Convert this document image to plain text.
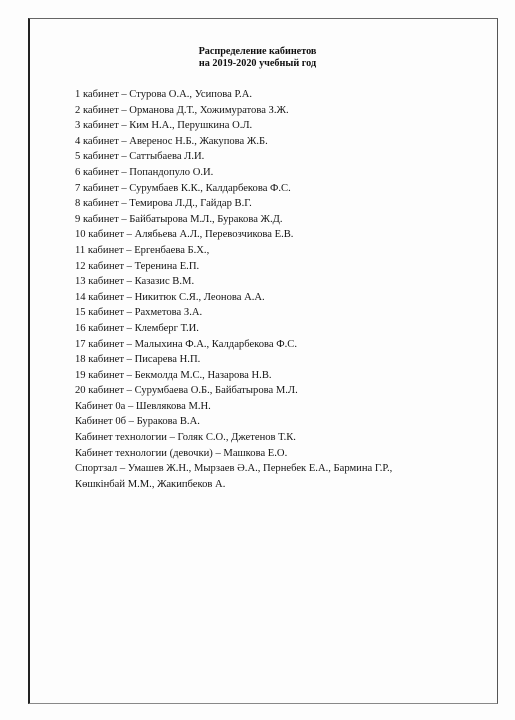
Распределение кабинетов
на 2019-2020 учебный год
1 кабинет – Стурова О.А., Усипова Р.А.
2 кабинет – Орманова Д.Т., Хожимуратова З.Ж.
3 кабинет – Ким Н.А., Перушкина О.Л.
4 кабинет – Аверенос Н.Б., Жакупова Ж.Б.
5 кабинет – Саттыбаева Л.И.
6 кабинет – Попандопуло О.И.
7 кабинет – Сурумбаев К.К., Калдарбекова Ф.С.
8 кабинет – Темирова Л.Д., Гайдар В.Г.
9 кабинет – Байбатырова М.Л., Буракова Ж.Д.
10 кабинет – Алябьева А.Л., Перевозчикова Е.В.
11 кабинет – Ергенбаева Б.Х.,
12 кабинет – Теренина Е.П.
13 кабинет – Казазис В.М.
14 кабинет – Никитюк С.Я., Леонова А.А.
15 кабинет – Рахметова З.А.
16 кабинет – Клемберг Т.И.
17 кабинет – Малыхина Ф.А., Калдарбекова Ф.С.
18 кабинет – Писарева Н.П.
19 кабинет – Бекмолда М.С., Назарова Н.В.
20 кабинет – Сурумбаева О.Б., Байбатырова М.Л.
Кабинет 0а – Шевлякова М.Н.
Кабинет 0б – Буракова В.А.
Кабинет технологии – Голяк С.О., Джетенов Т.К.
Кабинет технологии (девочки) – Машкова Е.О.
Спортзал – Умашев Ж.Н., Мырзаев Ә.А., Пернебек Е.А., Бармина Г.Р.,
Көшкінбай М.М., Жакипбеков А.
